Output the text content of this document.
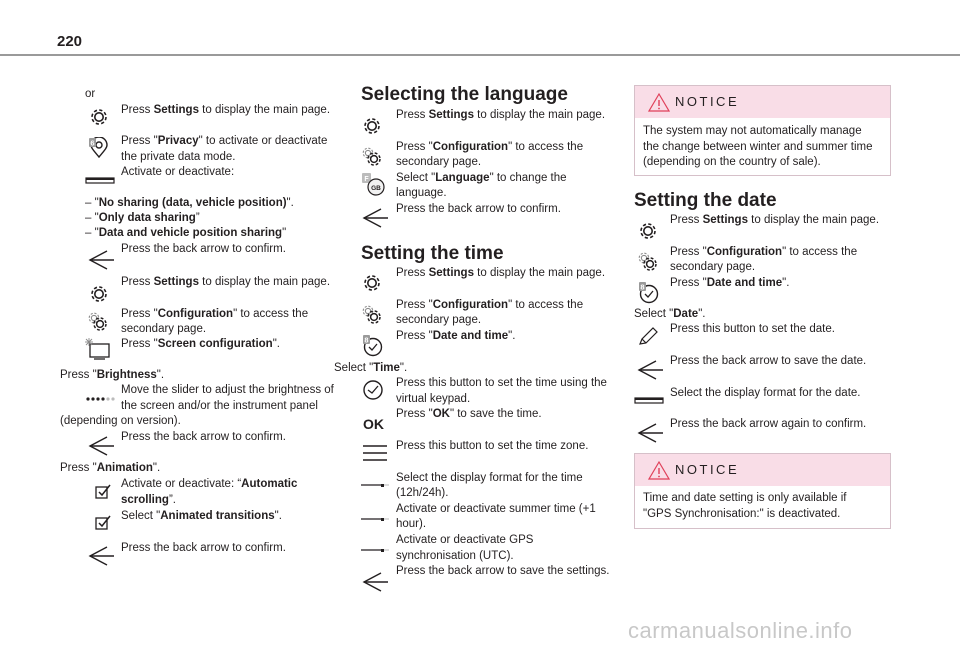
220
or
Press Settings to display the main page.
6 Press "Privacy" to activate or deactivate
the private data mode.
Activate or deactivate:
– "No sharing (data, vehicle position)".
– "Only data sharing”
– "Data and vehicle position sharing"
Press the back arrow to confirm.
Press Settings to display the main page.
Press "Configuration" to access the
secondary page.
Press "Screen configuration".
Press "Brightness".
Move the slider to adjust the brightness of
the screen and/or the instrument panel
(depending on version).
Press the back arrow to confirm.
Press "Animation".
Activate or deactivate: “Automatic
scrolling”.
Select "Animated transitions".
Press the back arrow to confirm.
Selecting the language
Press Settings to display the main page.
Press "Configuration" to access the
secondary page.
F
GB
Select "Language" to change the
language.
Press the back arrow to confirm.
Setting the time
Press Settings to display the main page.
Press "Configuration" to access the
secondary page.
Press "Date and time".
Select "Time".
Press this button to set the time using the
virtual keypad.
OK
Press "OK" to save the time.
Press this button to set the time zone.
Select the display format for the time
(12h/24h).
Activate or deactivate summer time (+1
hour).
Activate or deactivate GPS
synchronisation (UTC).
Press the back arrow to save the settings.
NOTICE
The system may not automatically manage
the change between winter and summer time
(depending on the country of sale).
Setting the date
Press Settings to display the main page.
Press "Configuration" to access the
secondary page.
Press "Date and time".
Select "Date".
Press this button to set the date.
Press the back arrow to save the date.
Select the display format for the date.
Press the back arrow again to confirm.
NOTICE
Time and date setting is only available if
"GPS Synchronisation:" is deactivated.
carmanualsonline.info
